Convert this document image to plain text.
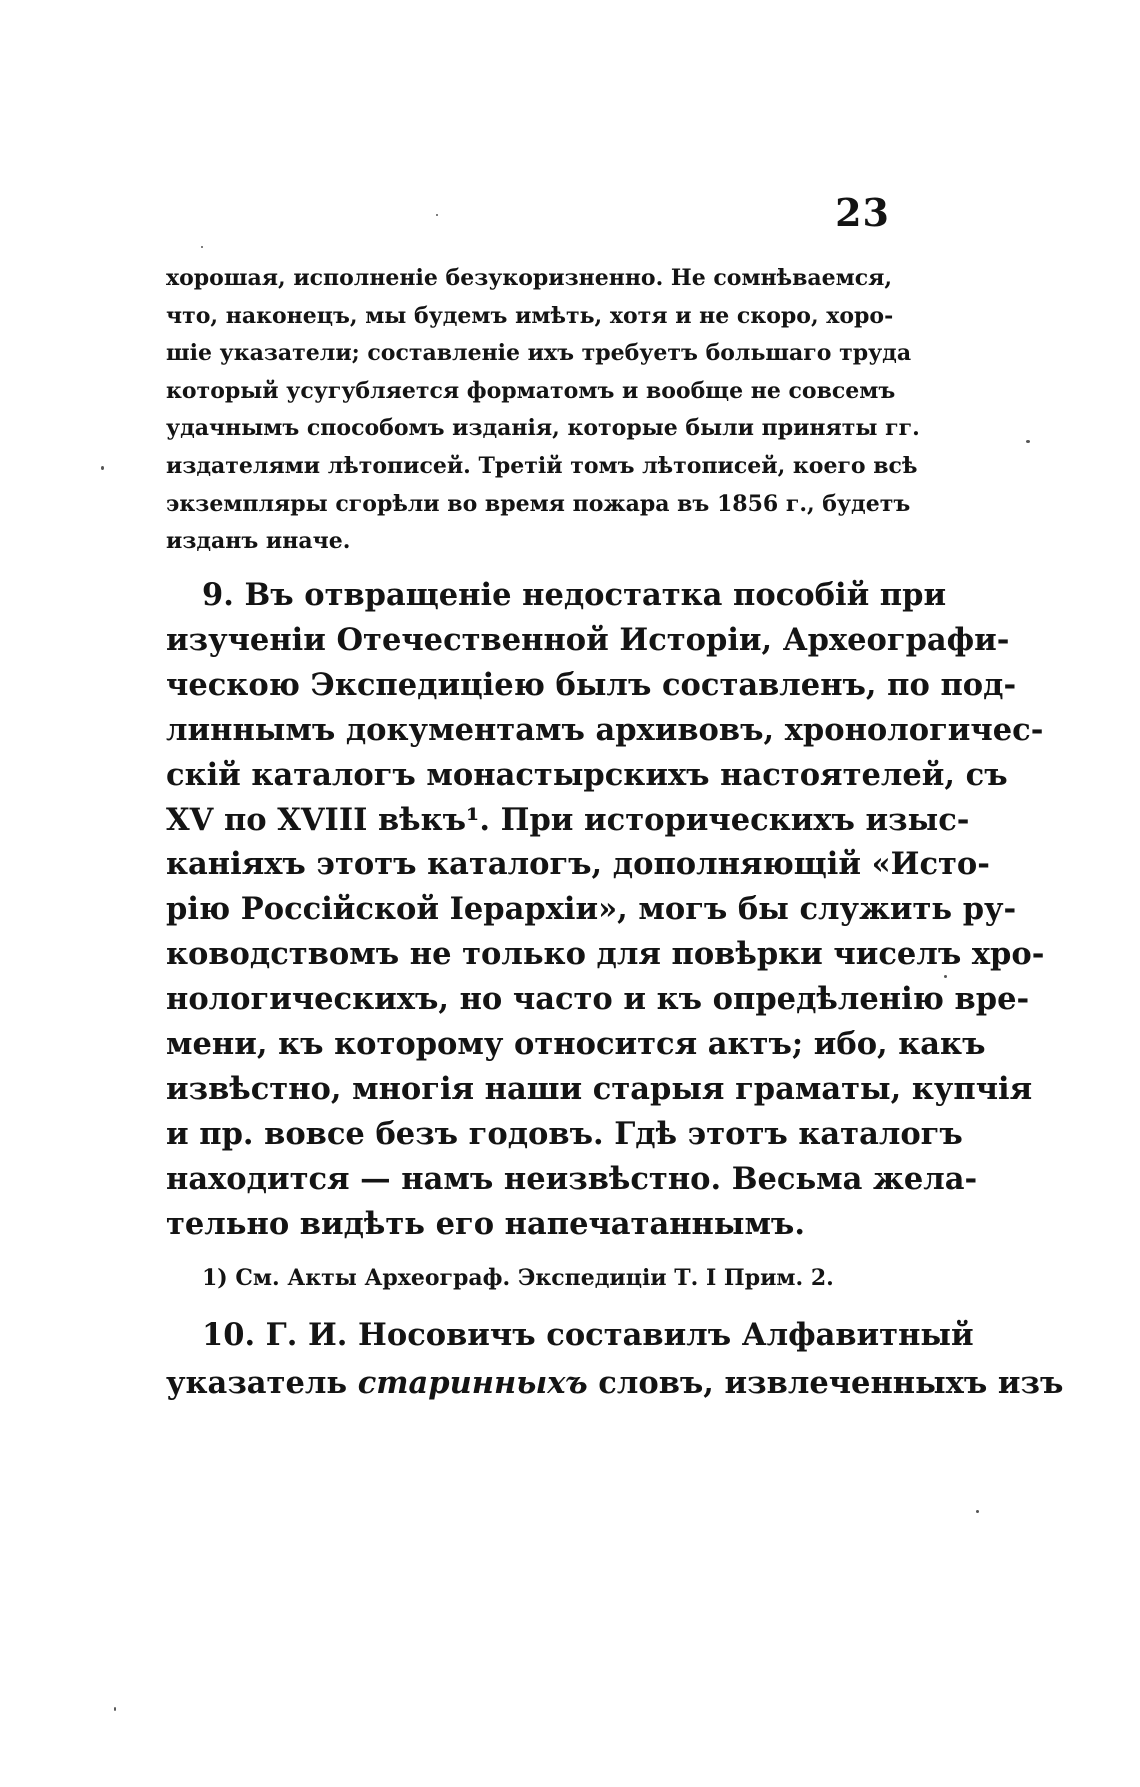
23
хорошая, исполненіе безукоризненно. Не сомнѣваемся,
что, наконецъ, мы будемъ имѣть, хотя и не скоро, хоро-
шіе указатели; составленіе ихъ требуетъ большаго труда
который усугубляется форматомъ и вообще не совсемъ
удачнымъ способомъ изданія, которые были приняты гг.
издателями лѣтописей. Третій томъ лѣтописей, коего всѣ
экземпляры сгорѣли во время пожара въ 1856 г., будетъ
изданъ иначе.
9. Въ отвращеніе недостатка пособій при
изученіи Отечественной Исторіи, Археографи-
ческою Экспедиціею былъ составленъ, по под-
линнымъ документамъ архивовъ, хронологичес-
скій каталогъ монастырскихъ настоятелей, съ
XV по XVIII вѣкъ¹. При историческихъ изыс-
каніяхъ этотъ каталогъ, дополняющій «Исто-
рію Россійской Іерархіи», могъ бы служить ру-
ководствомъ не только для повѣрки чиселъ хро-
нологическихъ, но часто и къ опредѣленію вре-
мени, къ которому относится актъ; ибо, какъ
извѣстно, многія наши старыя граматы, купчія
и пр. вовсе безъ годовъ. Гдѣ этотъ каталогъ
находится — намъ неизвѣстно. Весьма жела-
тельно видѣть его напечатаннымъ.
1) См. Акты Археограф. Экспедиціи Т. І Прим. 2.
10. Г. И. Носовичъ составилъ Алфавитный
указатель старинныхъ словъ, извлеченныхъ изъ
